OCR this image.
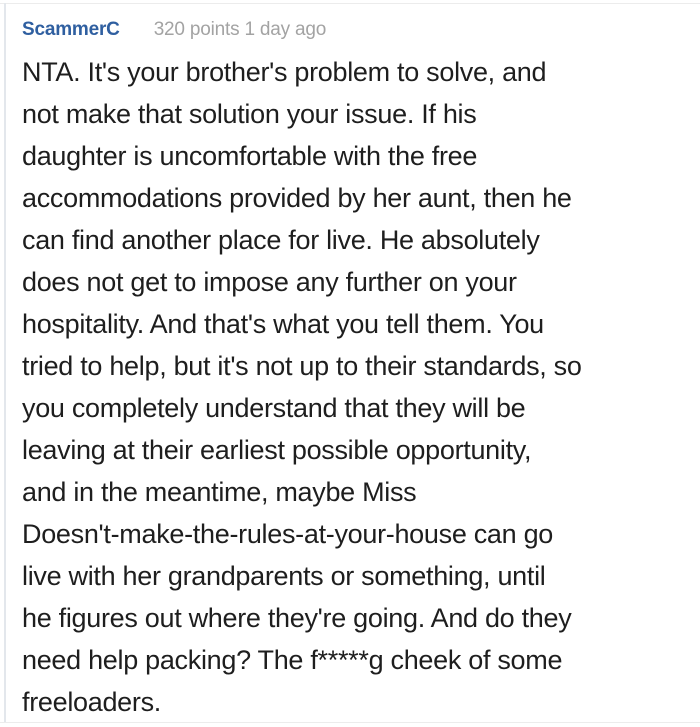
ScammerC 320 points 1 day ago
NTA. It's your brother's problem to solve, and
not make that solution your issue. If his
daughter is uncomfortable with the free
accommodations provided by her aunt, then he
can find another place for live. He absolutely
does not get to impose any further on your
hospitality. And that's what you tell them. You
tried to help, but it's not up to their standards, so
you completely understand that they will be
leaving at their earliest possible opportunity,
and in the meantime, maybe Miss
Doesn't-make-the-rules-at-your-house can go
live with her grandparents or something, until
he figures out where they're going. And do they
need help packing? The f*****g cheek of some
freeloaders.
